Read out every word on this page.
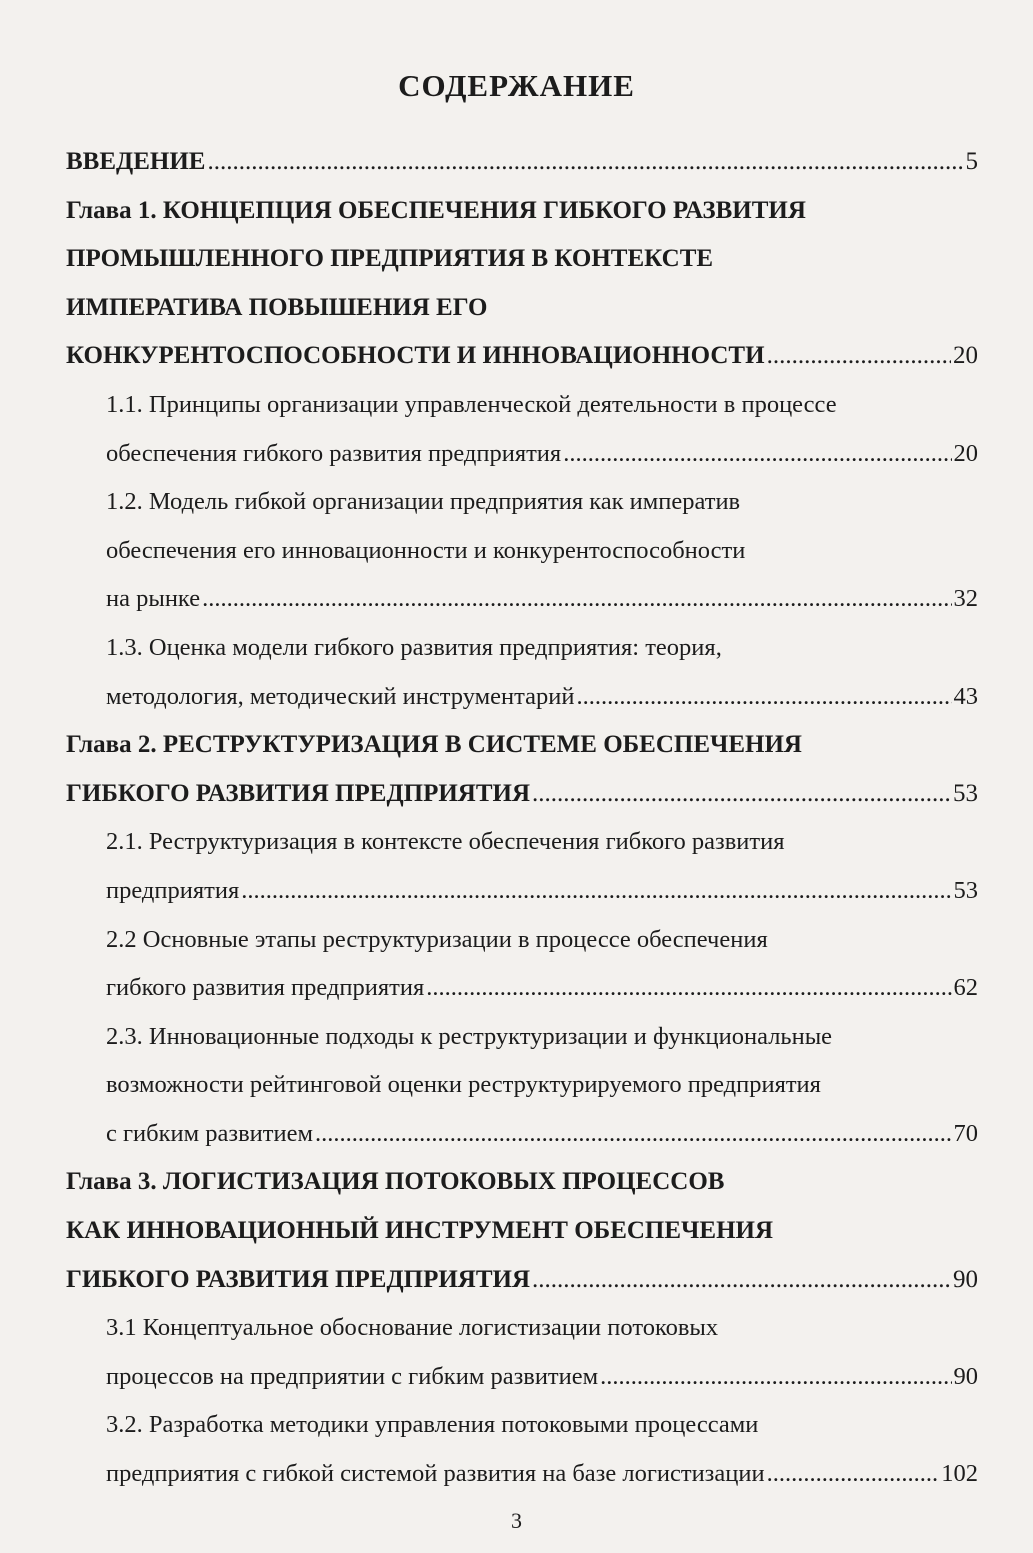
СОДЕРЖАНИЕ
ВВЕДЕНИЕ .....	5
Глава 1. КОНЦЕПЦИЯ ОБЕСПЕЧЕНИЯ ГИБКОГО РАЗВИТИЯ
ПРОМЫШЛЕННОГО ПРЕДПРИЯТИЯ В КОНТЕКСТЕ
ИМПЕРАТИВА ПОВЫШЕНИЯ ЕГО
КОНКУРЕНТОСПОСОБНОСТИ И ИННОВАЦИОННОСТИ .....	20
1.1. Принципы организации управленческой деятельности в процессе
обеспечения гибкого развития предприятия .....	20
1.2. Модель гибкой организации предприятия как императив
обеспечения его инновационности и конкурентоспособности
на рынке .....	32
1.3. Оценка модели гибкого развития предприятия: теория,
методология, методический инструментарий .....	43
Глава 2. РЕСТРУКТУРИЗАЦИЯ В СИСТЕМЕ ОБЕСПЕЧЕНИЯ
ГИБКОГО РАЗВИТИЯ ПРЕДПРИЯТИЯ .....	53
2.1. Реструктуризация в контексте обеспечения гибкого развития
предприятия .....	53
2.2 Основные этапы реструктуризации в процессе обеспечения
гибкого развития предприятия .....	62
2.3. Инновационные подходы к реструктуризации и функциональные
возможности рейтинговой оценки реструктурируемого предприятия
с гибким развитием .....	70
Глава 3. ЛОГИСТИЗАЦИЯ ПОТОКОВЫХ ПРОЦЕССОВ
КАК ИННОВАЦИОННЫЙ ИНСТРУМЕНТ ОБЕСПЕЧЕНИЯ
ГИБКОГО РАЗВИТИЯ ПРЕДПРИЯТИЯ .....	90
3.1 Концептуальное обоснование логистизации потоковых
процессов на предприятии с гибким развитием .....	90
3.2. Разработка методики управления потоковыми процессами
предприятия с гибкой системой развития на базе логистизации .....	102
3
